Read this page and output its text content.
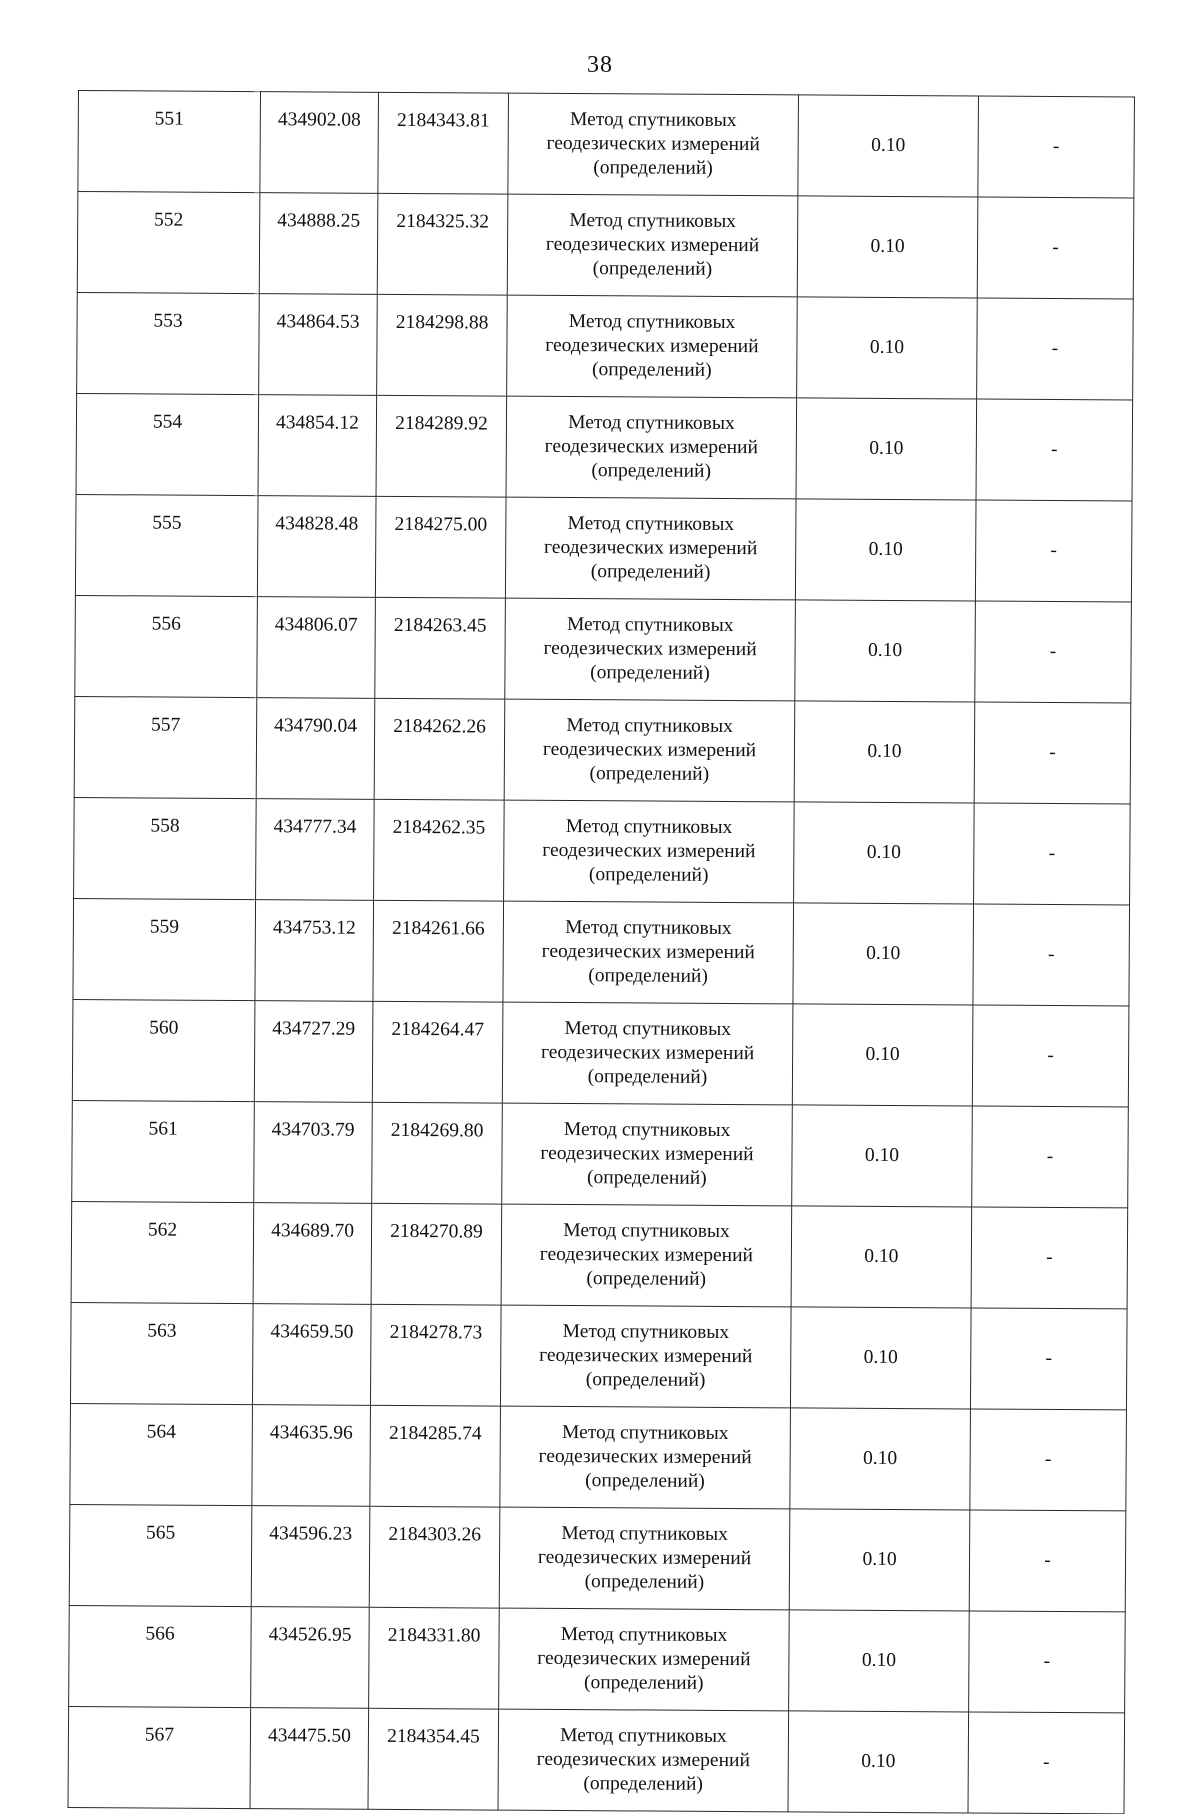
38
551	434902.08	2184343.81	Метод спутниковых
геодезических измерений
(определений)	0.10	-
552	434888.25	2184325.32	Метод спутниковых
геодезических измерений
(определений)	0.10	-
553	434864.53	2184298.88	Метод спутниковых
геодезических измерений
(определений)	0.10	-
554	434854.12	2184289.92	Метод спутниковых
геодезических измерений
(определений)	0.10	-
555	434828.48	2184275.00	Метод спутниковых
геодезических измерений
(определений)	0.10	-
556	434806.07	2184263.45	Метод спутниковых
геодезических измерений
(определений)	0.10	-
557	434790.04	2184262.26	Метод спутниковых
геодезических измерений
(определений)	0.10	-
558	434777.34	2184262.35	Метод спутниковых
геодезических измерений
(определений)	0.10	-
559	434753.12	2184261.66	Метод спутниковых
геодезических измерений
(определений)	0.10	-
560	434727.29	2184264.47	Метод спутниковых
геодезических измерений
(определений)	0.10	-
561	434703.79	2184269.80	Метод спутниковых
геодезических измерений
(определений)	0.10	-
562	434689.70	2184270.89	Метод спутниковых
геодезических измерений
(определений)	0.10	-
563	434659.50	2184278.73	Метод спутниковых
геодезических измерений
(определений)	0.10	-
564	434635.96	2184285.74	Метод спутниковых
геодезических измерений
(определений)	0.10	-
565	434596.23	2184303.26	Метод спутниковых
геодезических измерений
(определений)	0.10	-
566	434526.95	2184331.80	Метод спутниковых
геодезических измерений
(определений)	0.10	-
567	434475.50	2184354.45	Метод спутниковых
геодезических измерений
(определений)	0.10	-
